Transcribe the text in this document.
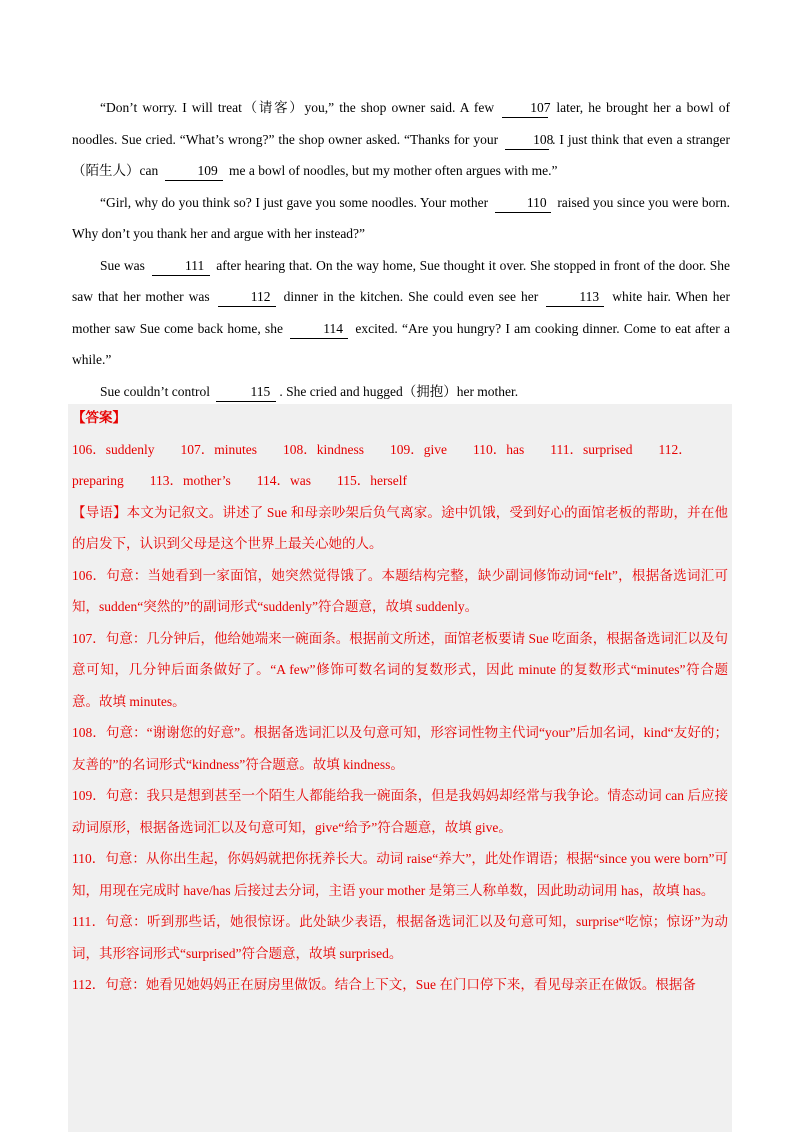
“Don’t worry. I will treat（请客）you,” the shop owner said. A few	107 later, he brought her a bowl of noodles. Sue cried. “What’s wrong?” the shop owner asked. “Thanks for your	108. I just think that even a stranger（陌生人）can	109 me a bowl of noodles, but my mother often argues with me.”

“Girl, why do you think so? I just gave you some noodles. Your mother	110 raised you since you were born. Why don’t you thank her and argue with her instead?”

Sue was	111 after hearing that. On the way home, Sue thought it over. She stopped in front of the door. She saw that her mother was	112 dinner in the kitchen. She could even see her	113 white hair. When her mother saw Sue come back home, she	114 excited. “Are you hungry? I am cooking dinner. Come to eat after a while.”

Sue couldn’t control	115 . She cried and hugged（拥抱）her mother.

【答案】
106．suddenly 107．minutes 108．kindness 109．give 110．has 111．surprised 112．
preparing 113．mother’s 114．was 115．herself

【导语】本文为记叙文。讲述了 Sue 和母亲吵架后负气离家。途中饥饿，受到好心的面馆老板的帮助，并在他的启发下，认识到父母是这个世界上最关心她的人。

106．句意：当她看到一家面馆，她突然觉得饿了。本题结构完整，缺少副词修饰动词“felt”，根据备选词汇可知，sudden“突然的”的副词形式“suddenly”符合题意，故填 suddenly。

107．句意：几分钟后，他给她端来一碗面条。根据前文所述，面馆老板要请 Sue 吃面条，根据备选词汇以及句意可知，几分钟后面条做好了。“A few”修饰可数名词的复数形式，因此 minute 的复数形式“minutes”符合题意。故填 minutes。

108．句意：“谢谢您的好意”。根据备选词汇以及句意可知，形容词性物主代词“your”后加名词，kind“友好的；友善的”的名词形式“kindness”符合题意。故填 kindness。

109．句意：我只是想到甚至一个陌生人都能给我一碗面条，但是我妈妈却经常与我争论。情态动词 can 后应接动词原形，根据备选词汇以及句意可知，give“给予”符合题意，故填 give。

110．句意：从你出生起，你妈妈就把你抚养长大。动词 raise“养大”，此处作谓语；根据“since you were born”可知，用现在完成时 have/has 后接过去分词，主语 your mother 是第三人称单数，因此助动词用 has，故填 has。

111．句意：听到那些话，她很惊讶。此处缺少表语，根据备选词汇以及句意可知，surprise“吃惊；惊讶”为动词，其形容词形式“surprised”符合题意，故填 surprised。

112．句意：她看见她妈妈正在厨房里做饭。结合上下文，Sue 在门口停下来，看见母亲正在做饭。根据备
